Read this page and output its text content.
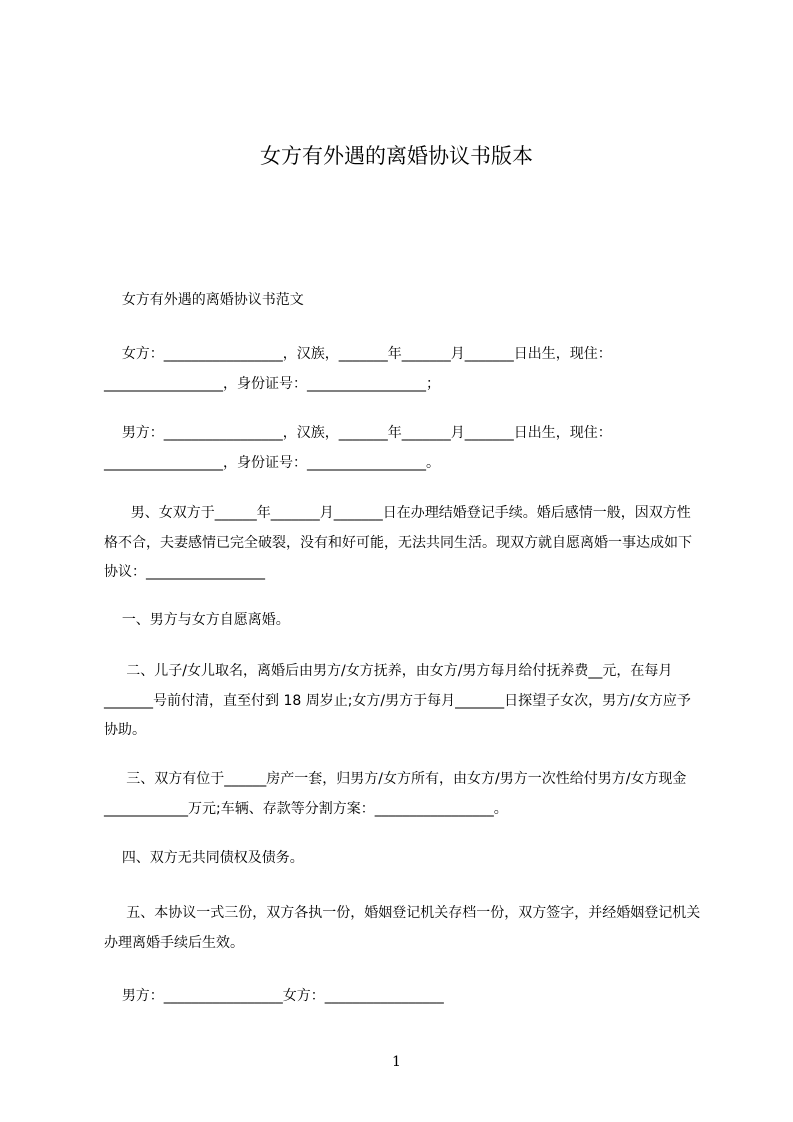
女方有外遇的离婚协议书版本

女方有外遇的离婚协议书范文

女方：_________________，汉族，_______年_______月_______日出生，现住：_________________，身份证号：_________________；

男方：_________________，汉族，_______年_______月_______日出生，现住：_________________，身份证号：_________________。

男、女双方于______年_______月_______日在办理结婚登记手续。婚后感情一般，因双方性格不合，夫妻感情已完全破裂，没有和好可能，无法共同生活。现双方就自愿离婚一事达成如下协议：_________________

一、男方与女方自愿离婚。

二、儿子/女儿取名，离婚后由男方/女方抚养，由女方/男方每月给付抚养费__元，在每月_______号前付清，直至付到 18 周岁止;女方/男方于每月_______日探望子女次，男方/女方应予协助。

三、双方有位于______房产一套，归男方/女方所有，由女方/男方一次性给付男方/女方现金____________万元;车辆、存款等分割方案：_________________。

四、双方无共同债权及债务。

五、本协议一式三份，双方各执一份，婚姻登记机关存档一份，双方签字，并经婚姻登记机关办理离婚手续后生效。

男方：_________________女方：_________________

1
